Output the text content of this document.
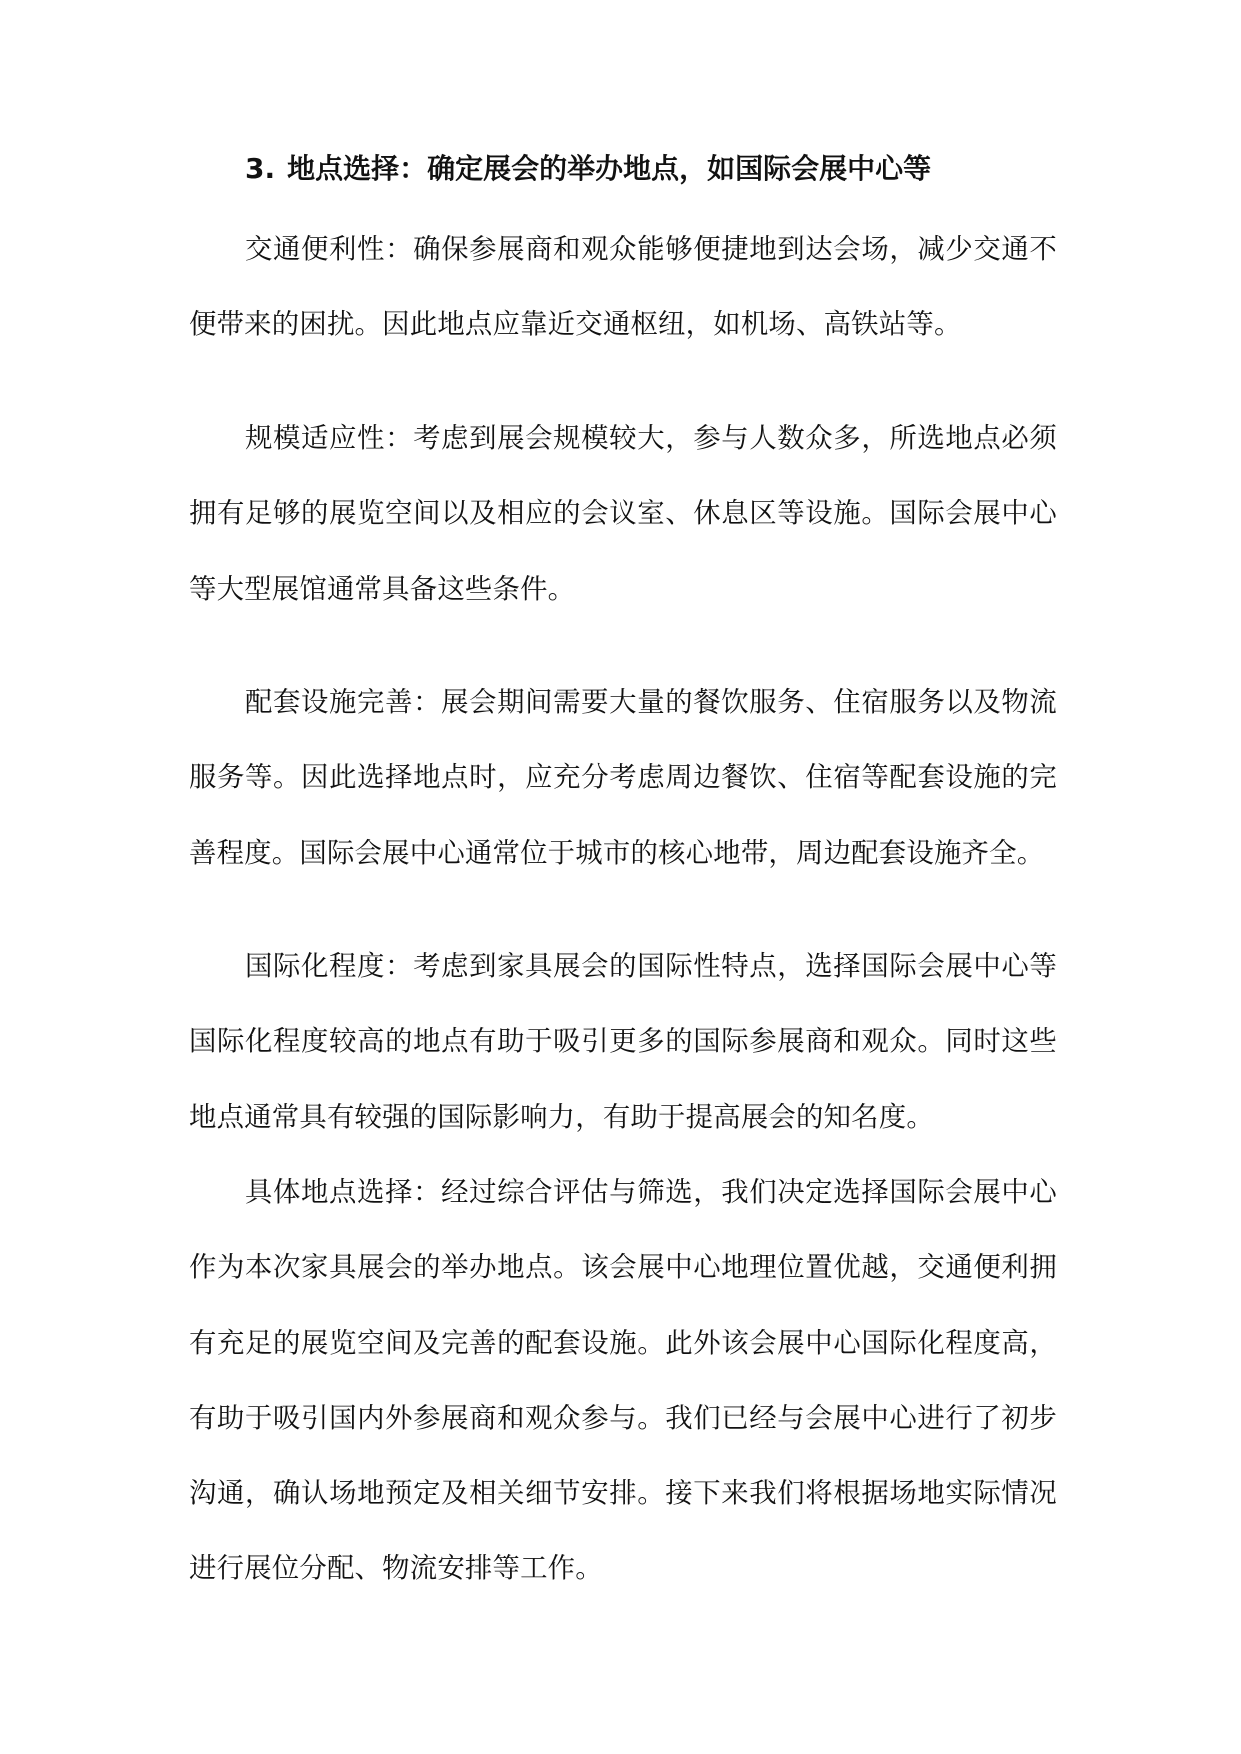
3. 地点选择：确定展会的举办地点，如国际会展中心等

交通便利性：确保参展商和观众能够便捷地到达会场，减少交通不便带来的困扰。因此地点应靠近交通枢纽，如机场、高铁站等。

规模适应性：考虑到展会规模较大，参与人数众多，所选地点必须拥有足够的展览空间以及相应的会议室、休息区等设施。国际会展中心等大型展馆通常具备这些条件。

配套设施完善：展会期间需要大量的餐饮服务、住宿服务以及物流服务等。因此选择地点时，应充分考虑周边餐饮、住宿等配套设施的完善程度。国际会展中心通常位于城市的核心地带，周边配套设施齐全。

国际化程度：考虑到家具展会的国际性特点，选择国际会展中心等国际化程度较高的地点有助于吸引更多的国际参展商和观众。同时这些地点通常具有较强的国际影响力，有助于提高展会的知名度。

具体地点选择：经过综合评估与筛选，我们决定选择国际会展中心作为本次家具展会的举办地点。该会展中心地理位置优越，交通便利拥有充足的展览空间及完善的配套设施。此外该会展中心国际化程度高，有助于吸引国内外参展商和观众参与。我们已经与会展中心进行了初步沟通，确认场地预定及相关细节安排。接下来我们将根据场地实际情况进行展位分配、物流安排等工作。
